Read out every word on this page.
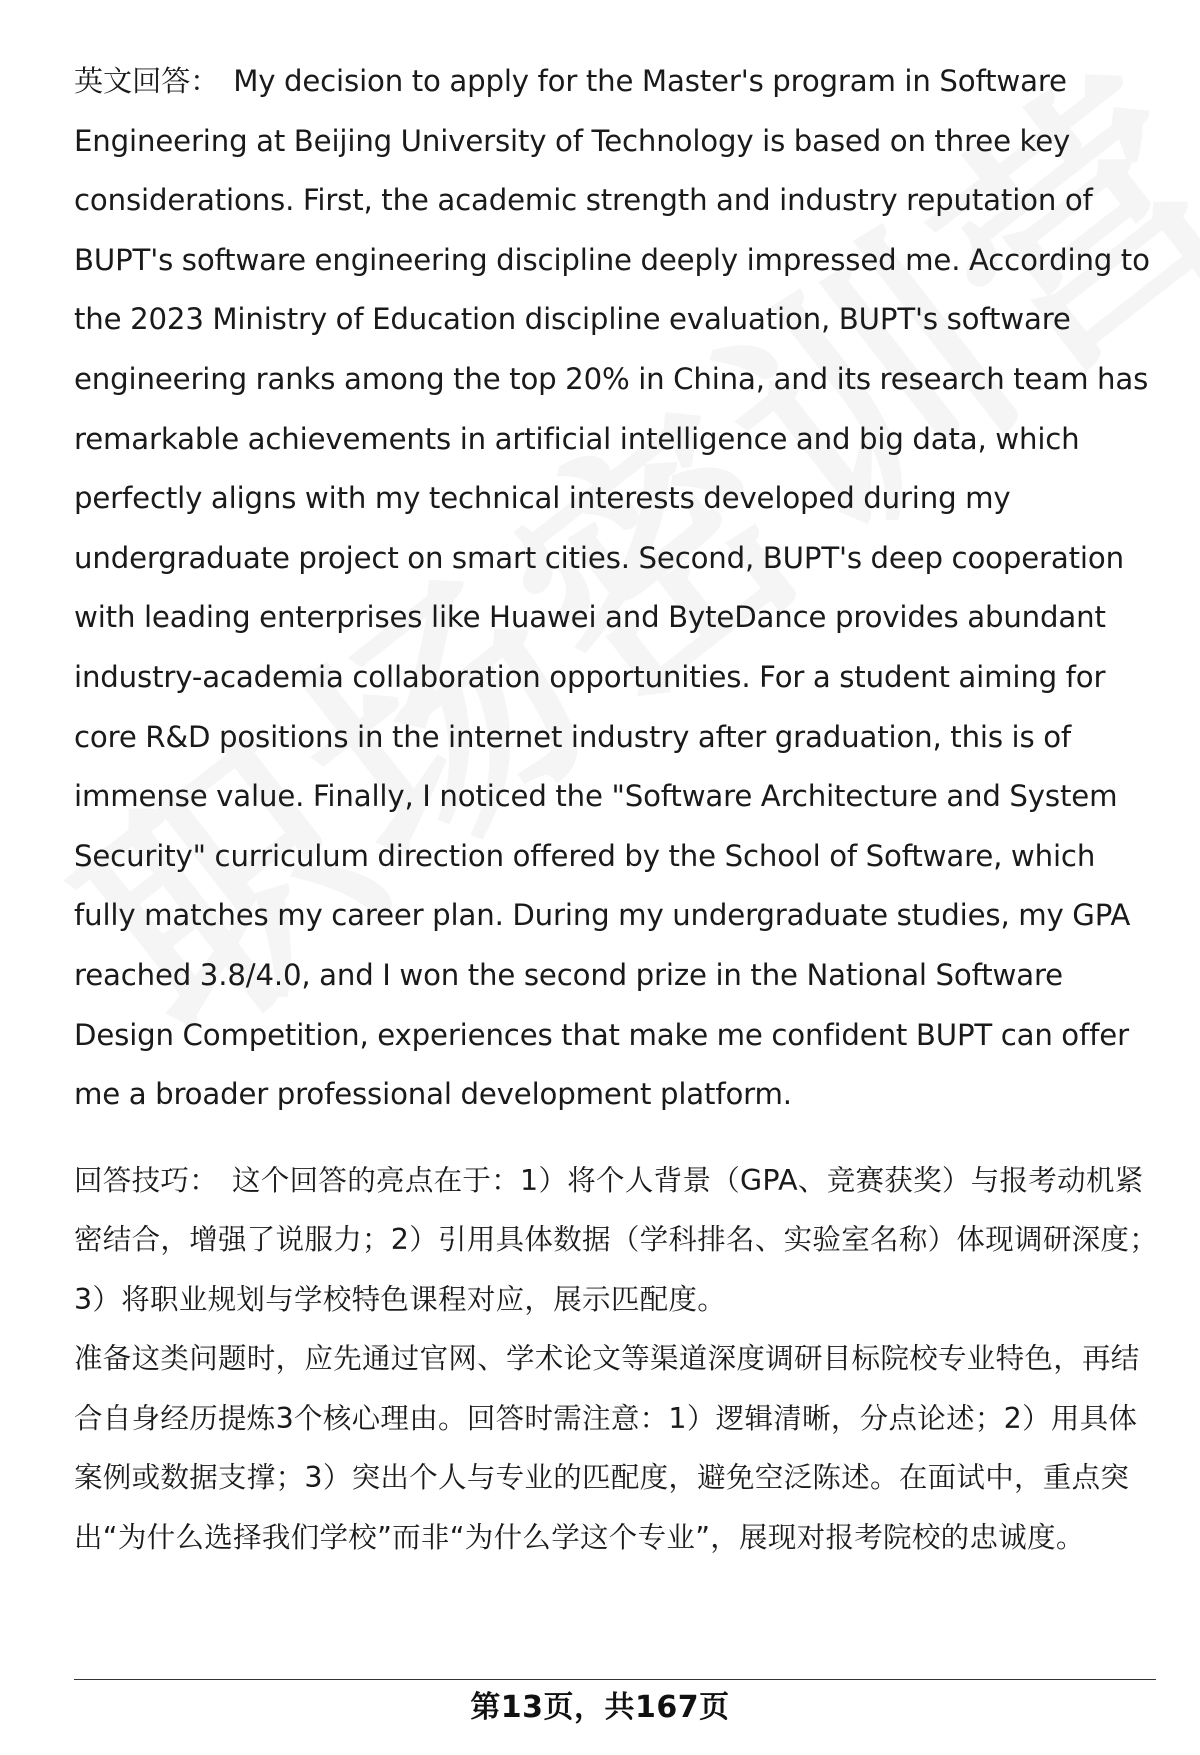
英文回答： My decision to apply for the Master's program in Software Engineering at Beijing University of Technology is based on three key considerations. First, the academic strength and industry reputation of BUPT's software engineering discipline deeply impressed me. According to the 2023 Ministry of Education discipline evaluation, BUPT's software engineering ranks among the top 20% in China, and its research team has remarkable achievements in artificial intelligence and big data, which perfectly aligns with my technical interests developed during my undergraduate project on smart cities. Second, BUPT's deep cooperation with leading enterprises like Huawei and ByteDance provides abundant industry-academia collaboration opportunities. For a student aiming for core R&D positions in the internet industry after graduation, this is of immense value. Finally, I noticed the "Software Architecture and System Security" curriculum direction offered by the School of Software, which fully matches my career plan. During my undergraduate studies, my GPA reached 3.8/4.0, and I won the second prize in the National Software Design Competition, experiences that make me confident BUPT can offer me a broader professional development platform.

回答技巧： 这个回答的亮点在于：1）将个人背景（GPA、竞赛获奖）与报考动机紧密结合，增强了说服力；2）引用具体数据（学科排名、实验室名称）体现调研深度；3）将职业规划与学校特色课程对应，展示匹配度。

准备这类问题时，应先通过官网、学术论文等渠道深度调研目标院校专业特色，再结合自身经历提炼3个核心理由。回答时需注意：1）逻辑清晰，分点论述；2）用具体案例或数据支撑；3）突出个人与专业的匹配度，避免空泛陈述。在面试中，重点突出“为什么选择我们学校”而非“为什么学这个专业”，展现对报考院校的忠诚度。

第13页，共167页
